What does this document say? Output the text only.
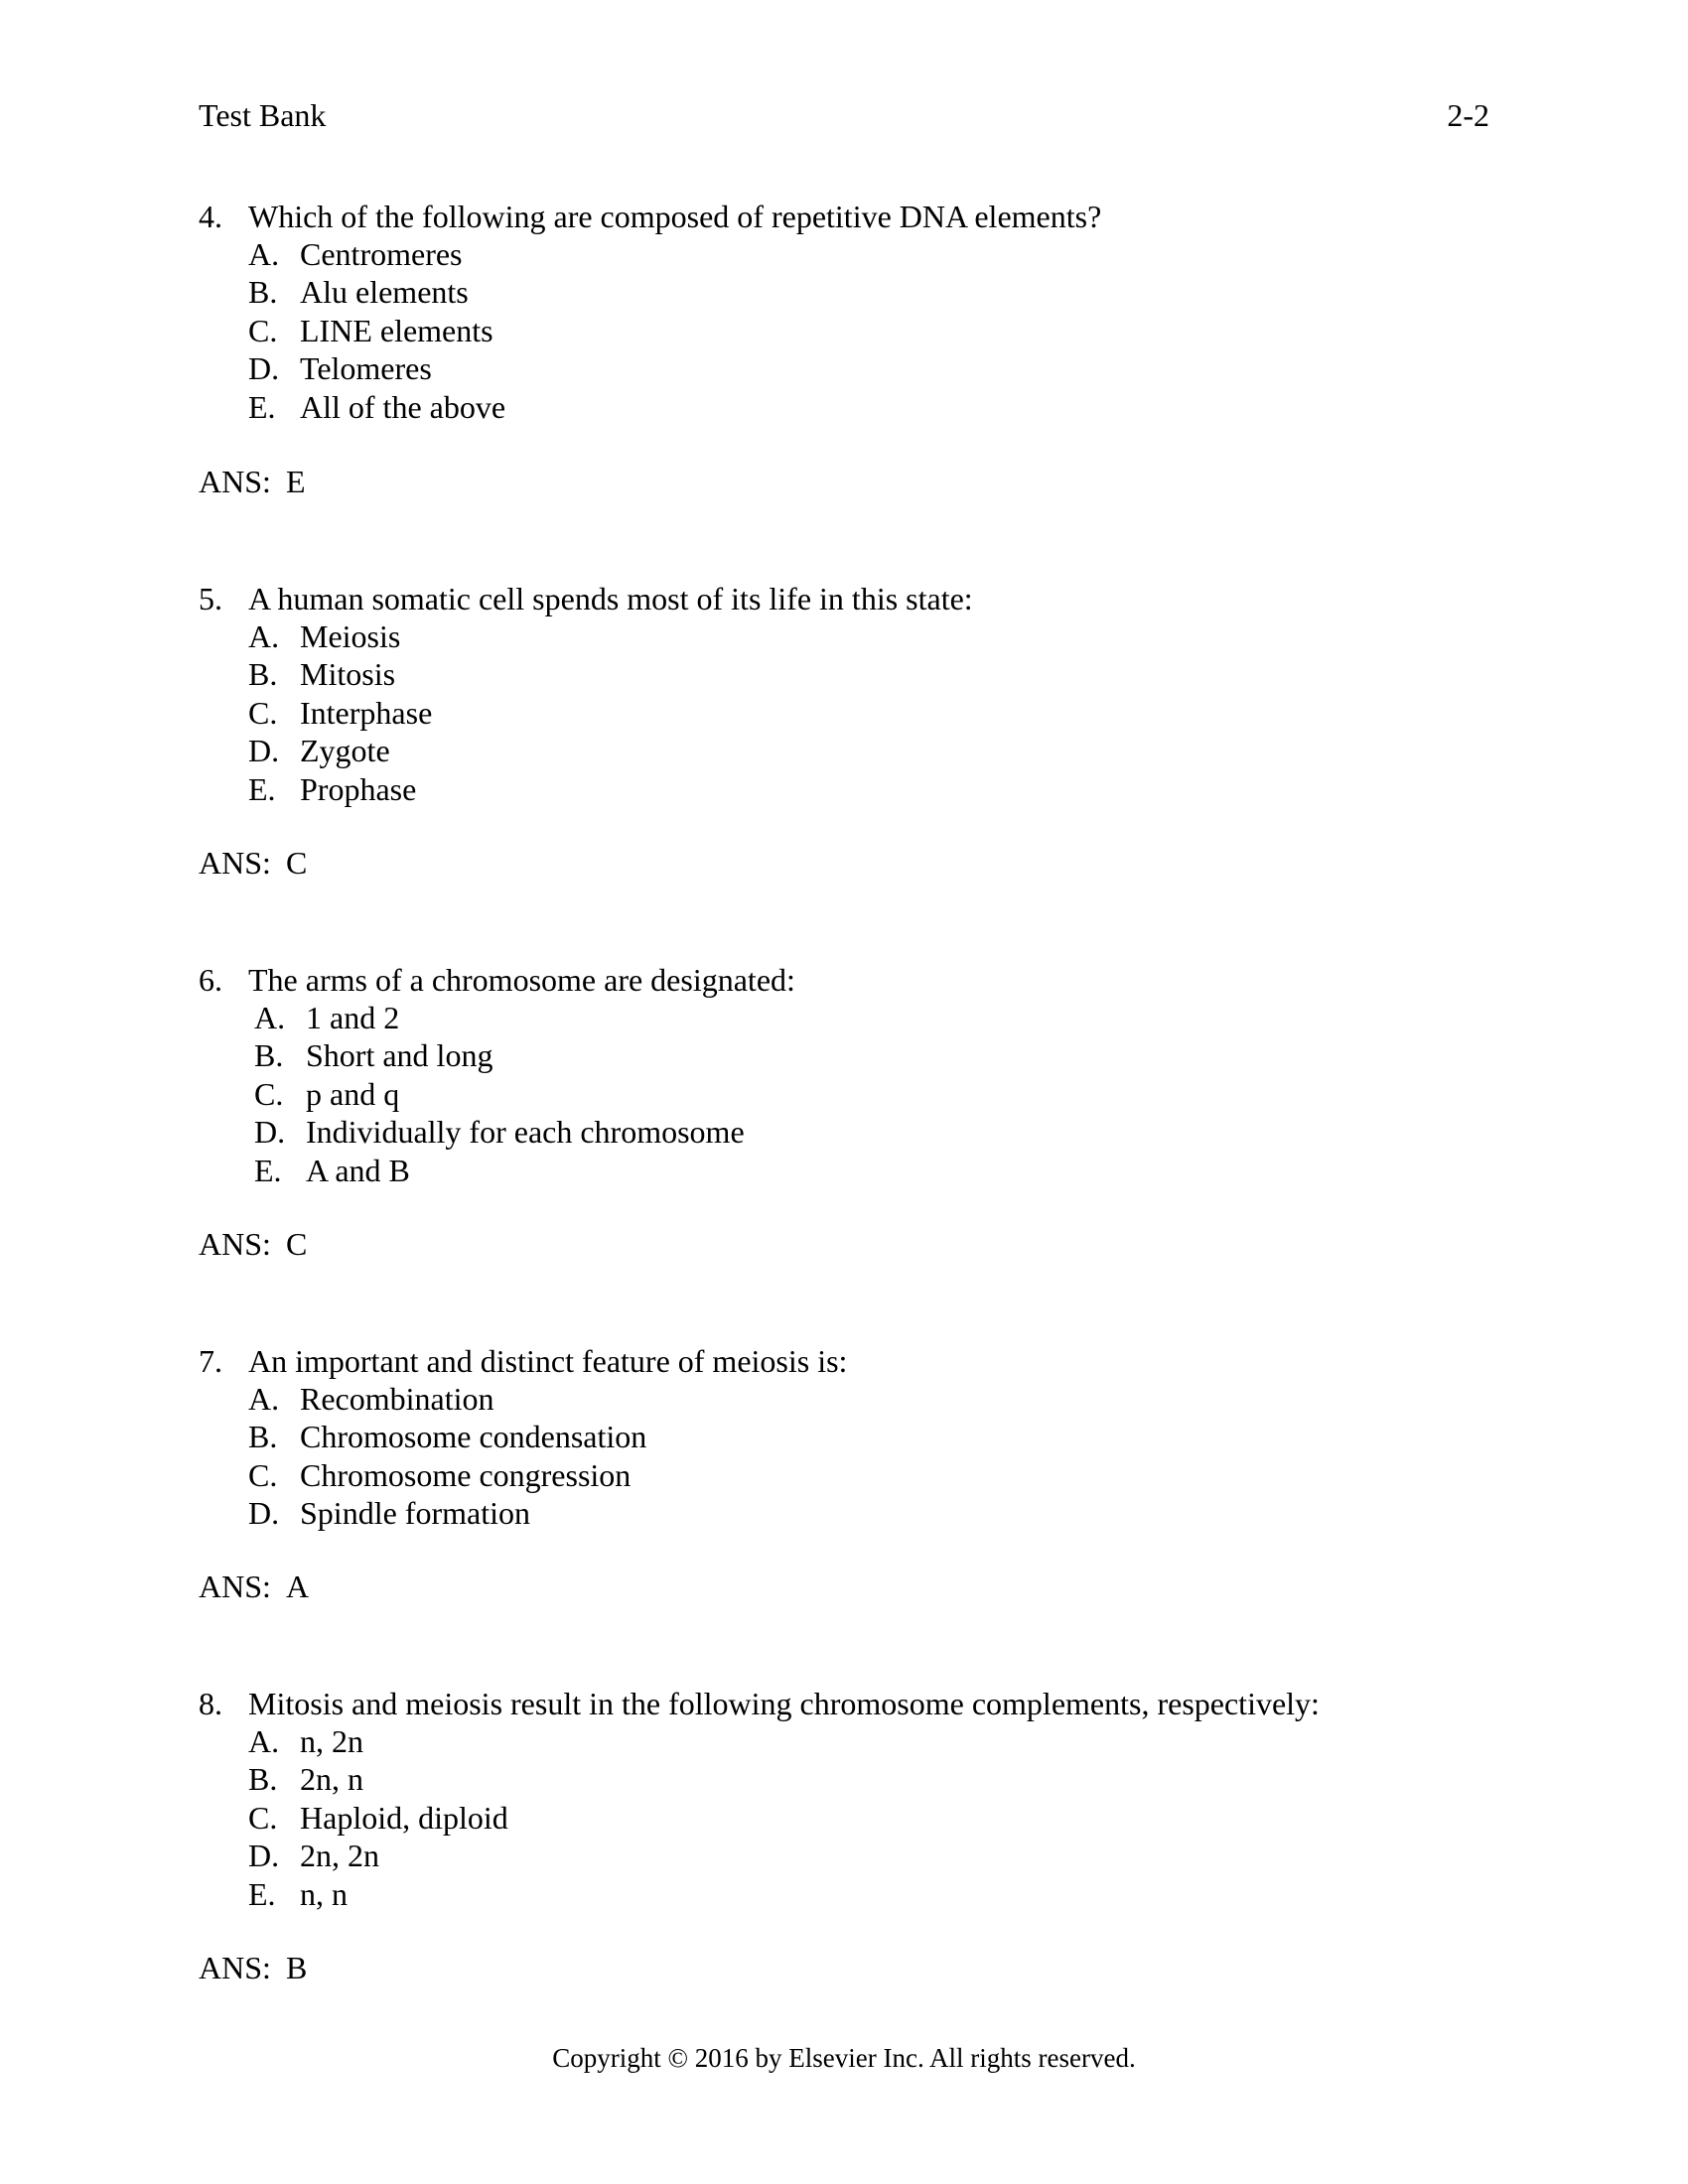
Test Bank	2-2
4. Which of the following are composed of repetitive DNA elements?
A. Centromeres
B. Alu elements
C. LINE elements
D. Telomeres
E. All of the above
ANS: E
5. A human somatic cell spends most of its life in this state:
A. Meiosis
B. Mitosis
C. Interphase
D. Zygote
E. Prophase
ANS: C
6. The arms of a chromosome are designated:
A. 1 and 2
B. Short and long
C. p and q
D. Individually for each chromosome
E. A and B
ANS: C
7. An important and distinct feature of meiosis is:
A. Recombination
B. Chromosome condensation
C. Chromosome congression
D. Spindle formation
ANS: A
8. Mitosis and meiosis result in the following chromosome complements, respectively:
A. n, 2n
B. 2n, n
C. Haploid, diploid
D. 2n, 2n
E. n, n
ANS: B
Copyright © 2016 by Elsevier Inc. All rights reserved.
